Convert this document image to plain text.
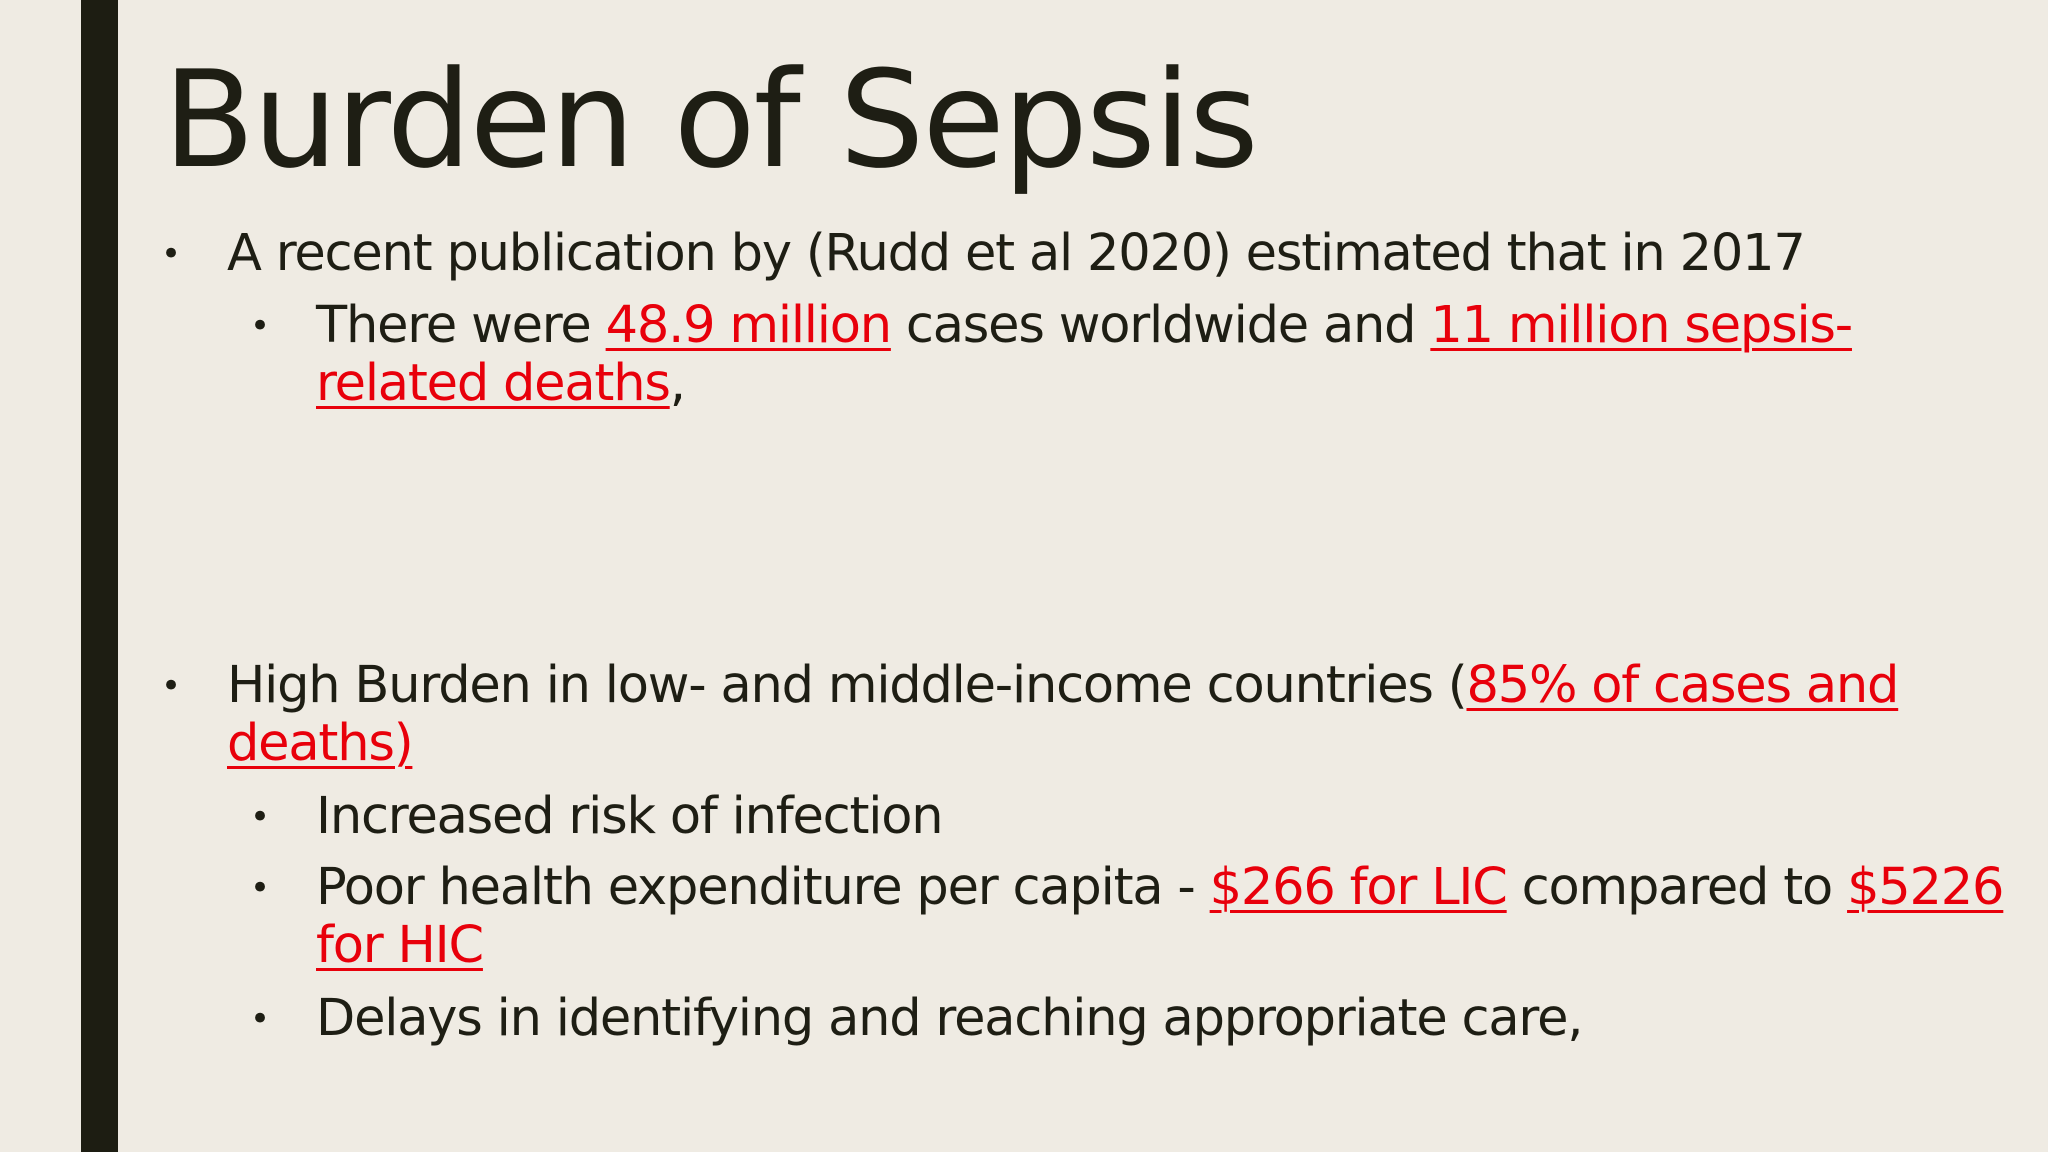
Burden of Sepsis
• A recent publication by (Rudd et al 2020) estimated that in 2017
• There were 48.9 million cases worldwide and 11 million sepsis-related deaths,
• High Burden in low- and middle-income countries (85% of cases and deaths)
• Increased risk of infection
• Poor health expenditure per capita - $266 for LIC compared to $5226 for HIC
• Delays in identifying and reaching appropriate care,
